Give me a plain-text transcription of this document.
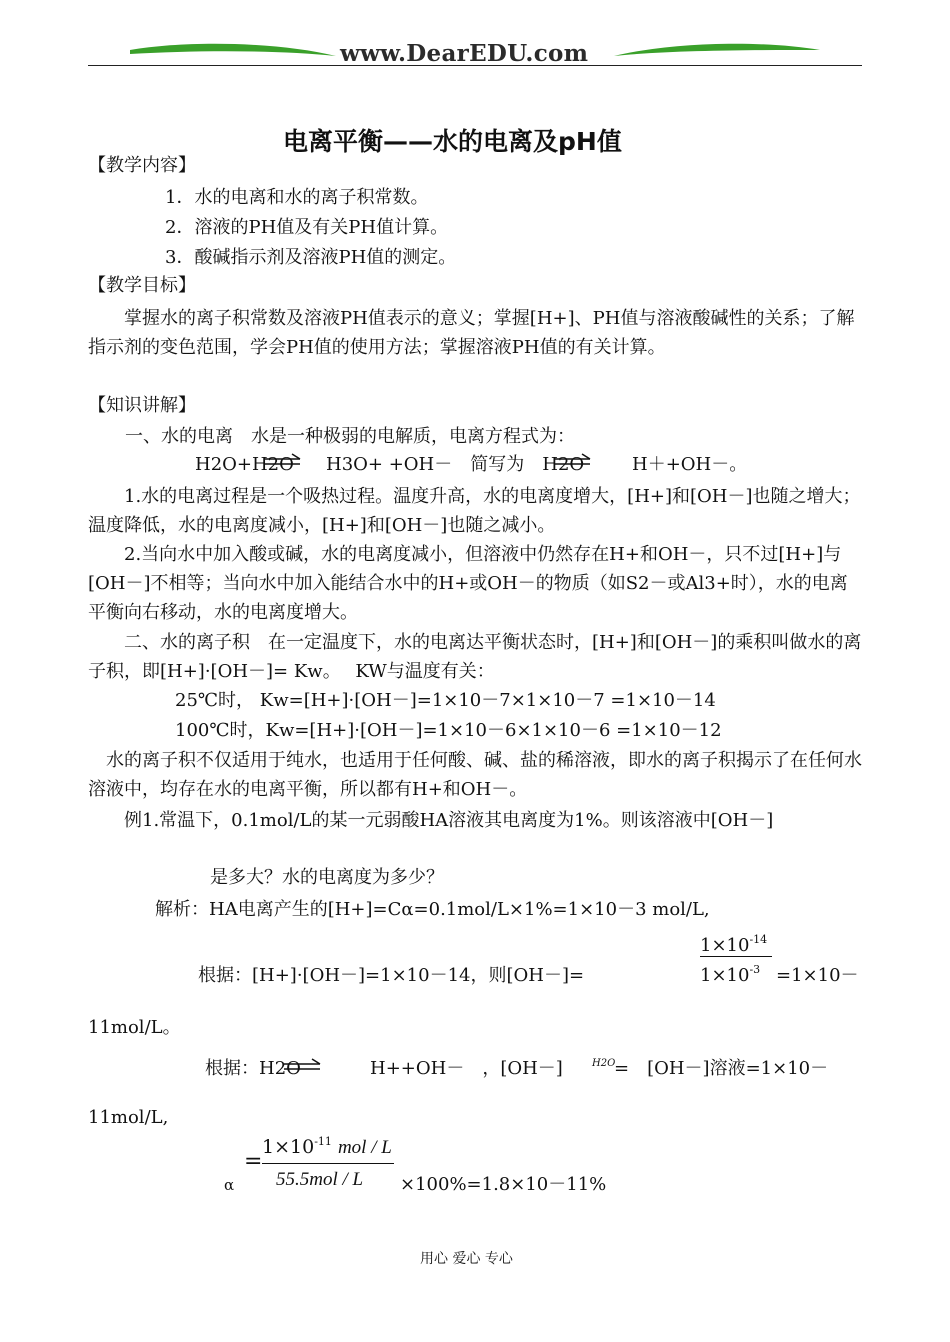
www.DearEDU.com
电离平衡——水的电离及pH值
【教学内容】
1．水的电离和水的离子积常数。
2．溶液的PH值及有关PH值计算。
3．酸碱指示剂及溶液PH值的测定。
【教学目标】
掌握水的离子积常数及溶液PH值表示的意义；掌握[H+]、PH值与溶液酸碱性的关系；了解指示剂的变色范围，学会PH值的使用方法；掌握溶液PH值的有关计算。
【知识讲解】
一、水的电离　水是一种极弱的电解质，电离方程式为：
H2O+H2O H3O+ +OH－　简写为　H2O	H＋+OH－。
1.水的电离过程是一个吸热过程。温度升高，水的电离度增大，[H+]和[OH－]也随之增大；温度降低，水的电离度减小，[H+]和[OH－]也随之减小。
2.当向水中加入酸或碱，水的电离度减小，但溶液中仍然存在H+和OH－，只不过[H+]与[OH－]不相等；当向水中加入能结合水中的H+或OH－的物质（如S2－或Al3+时），水的电离平衡向右移动，水的电离度增大。
二、水的离子积　在一定温度下，水的电离达平衡状态时，[H+]和[OH－]的乘积叫做水的离子积，即[H+]·[OH－]= Kw。　 KW与温度有关：
25℃时， Kw=[H+]·[OH－]=1×10－7×1×10－7 =1×10－14
100℃时，Kw=[H+]·[OH－]=1×10－6×1×10－6 =1×10－12
水的离子积不仅适用于纯水，也适用于任何酸、碱、盐的稀溶液，即水的离子积揭示了在任何水溶液中，均存在水的电离平衡，所以都有H+和OH－。
例1.常温下，0.1mol/L的某一元弱酸HA溶液其电离度为1%。则该溶液中[OH－]
是多大？水的电离度为多少？
解析：HA电离产生的[H+]=Cα=0.1mol/L×1%=1×10－3 mol/L,
$1\times 10^{-14}$
$1\times 10^{-3}$
根据：[H+]·[OH－]=1×10－14，则[OH－]=	=1×10－
11mol/L。
根据：H2O	H++OH－　，[OH－]	H2O
=　[OH－]溶液=1×10－
11mol/L,
α
=
$1\times 10^{-11}$ mol / L
55.5mol / L ×100%=1.8×10－11%
用心 爱心 专心
